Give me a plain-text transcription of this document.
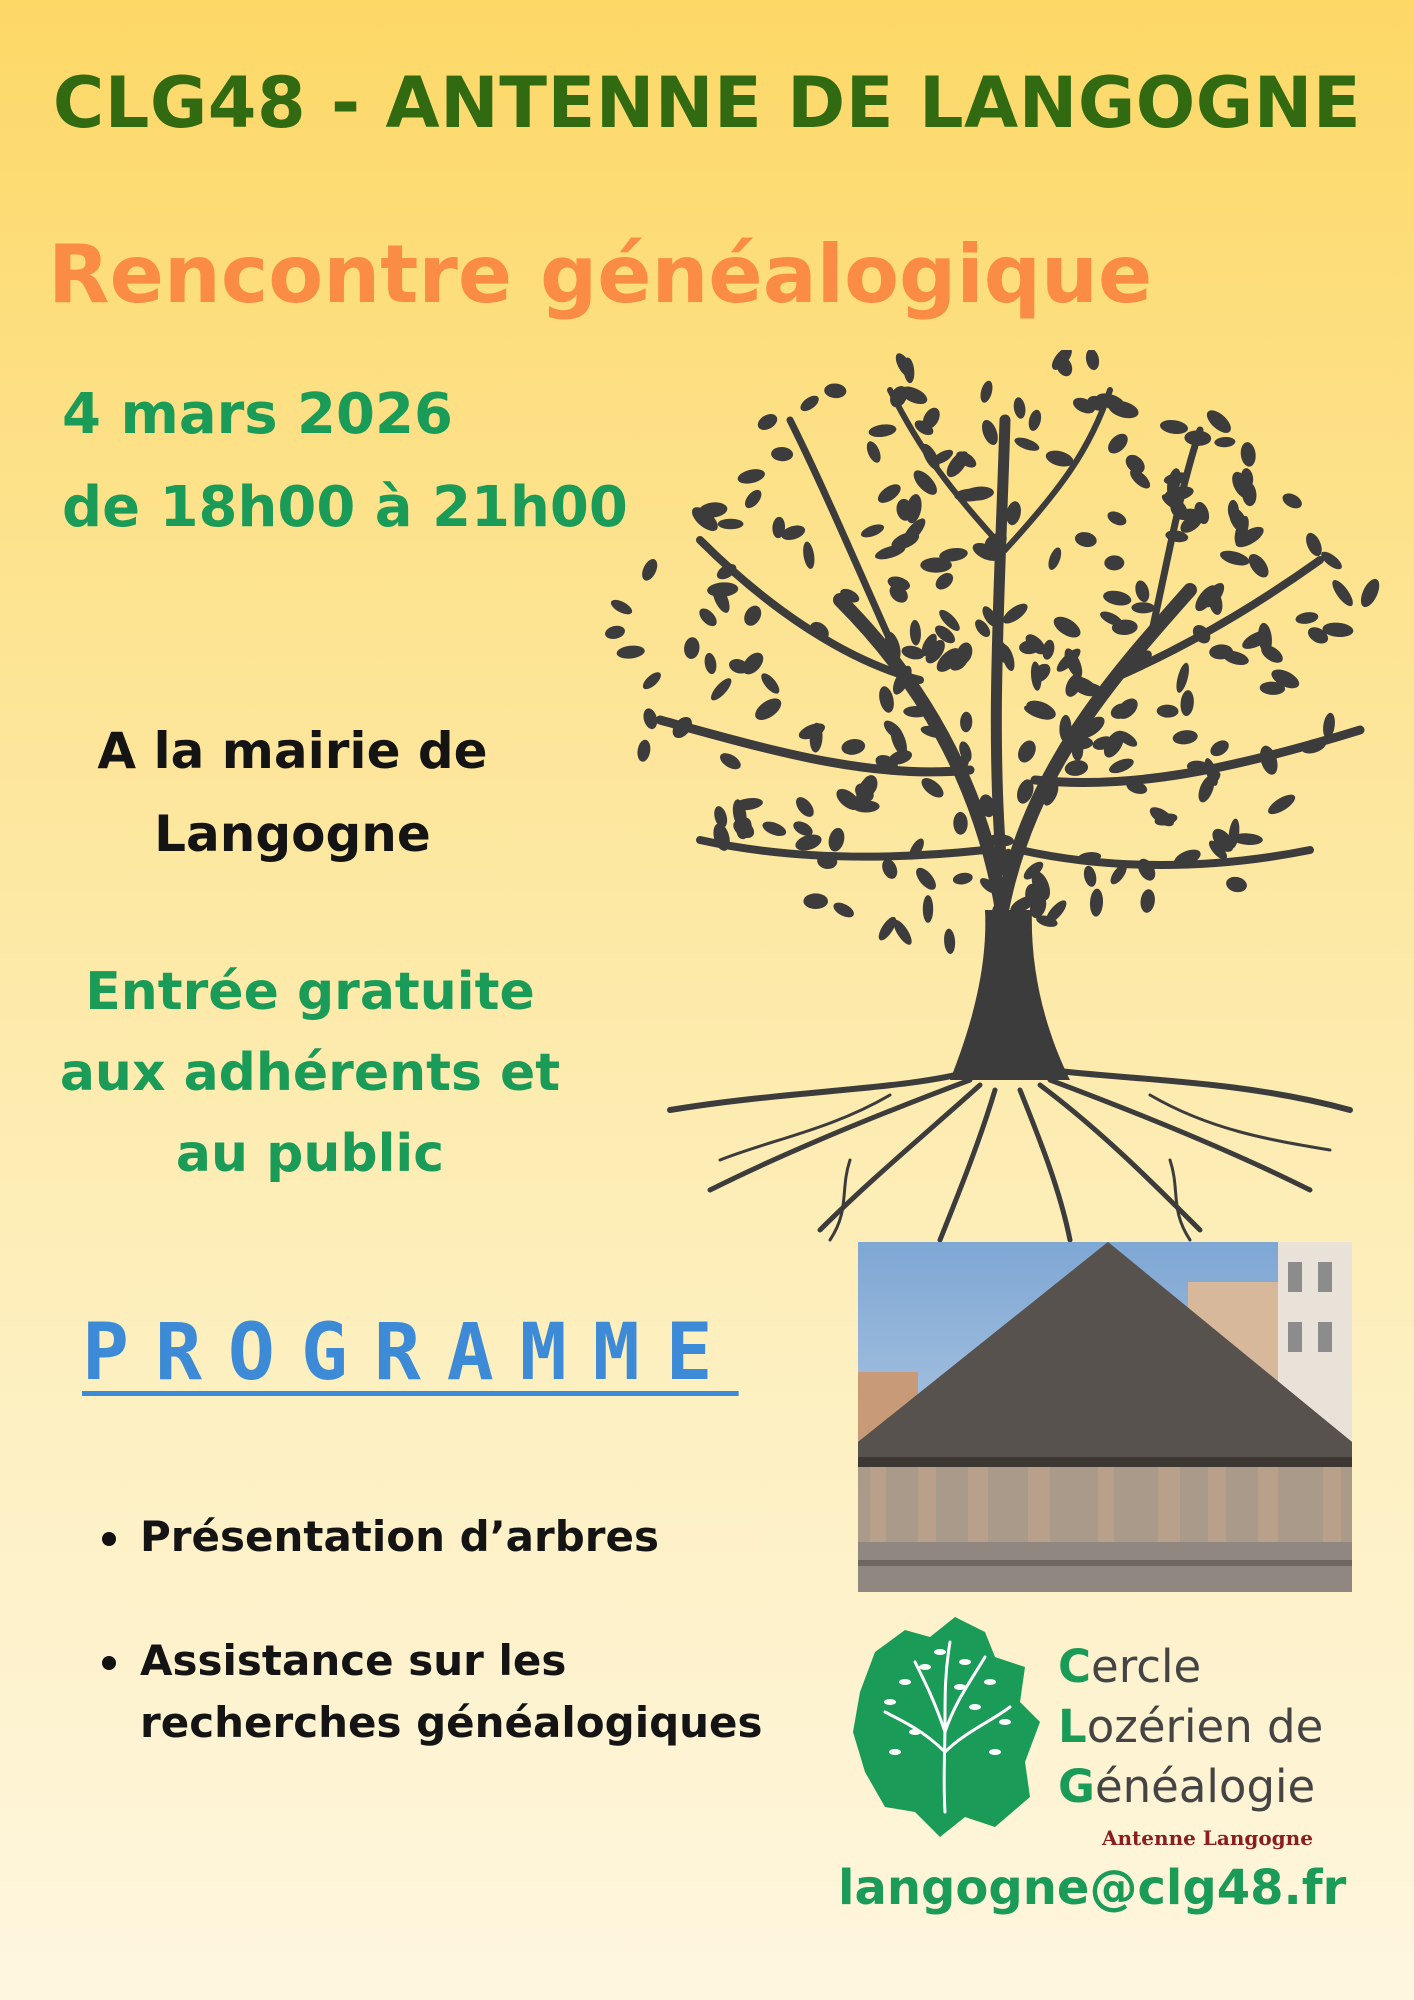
CLG48 - ANTENNE DE LANGOGNE
Rencontre généalogique
4 mars 2026
de 18h00 à 21h00
A la mairie de
Langogne
Entrée gratuite
aux adhérents et
au public
PROGRAMME
Présentation d’arbres
Assistance sur les
recherches généalogiques
Cercle
Lozérien de
Généalogie
Antenne Langogne
langogne@clg48.fr
